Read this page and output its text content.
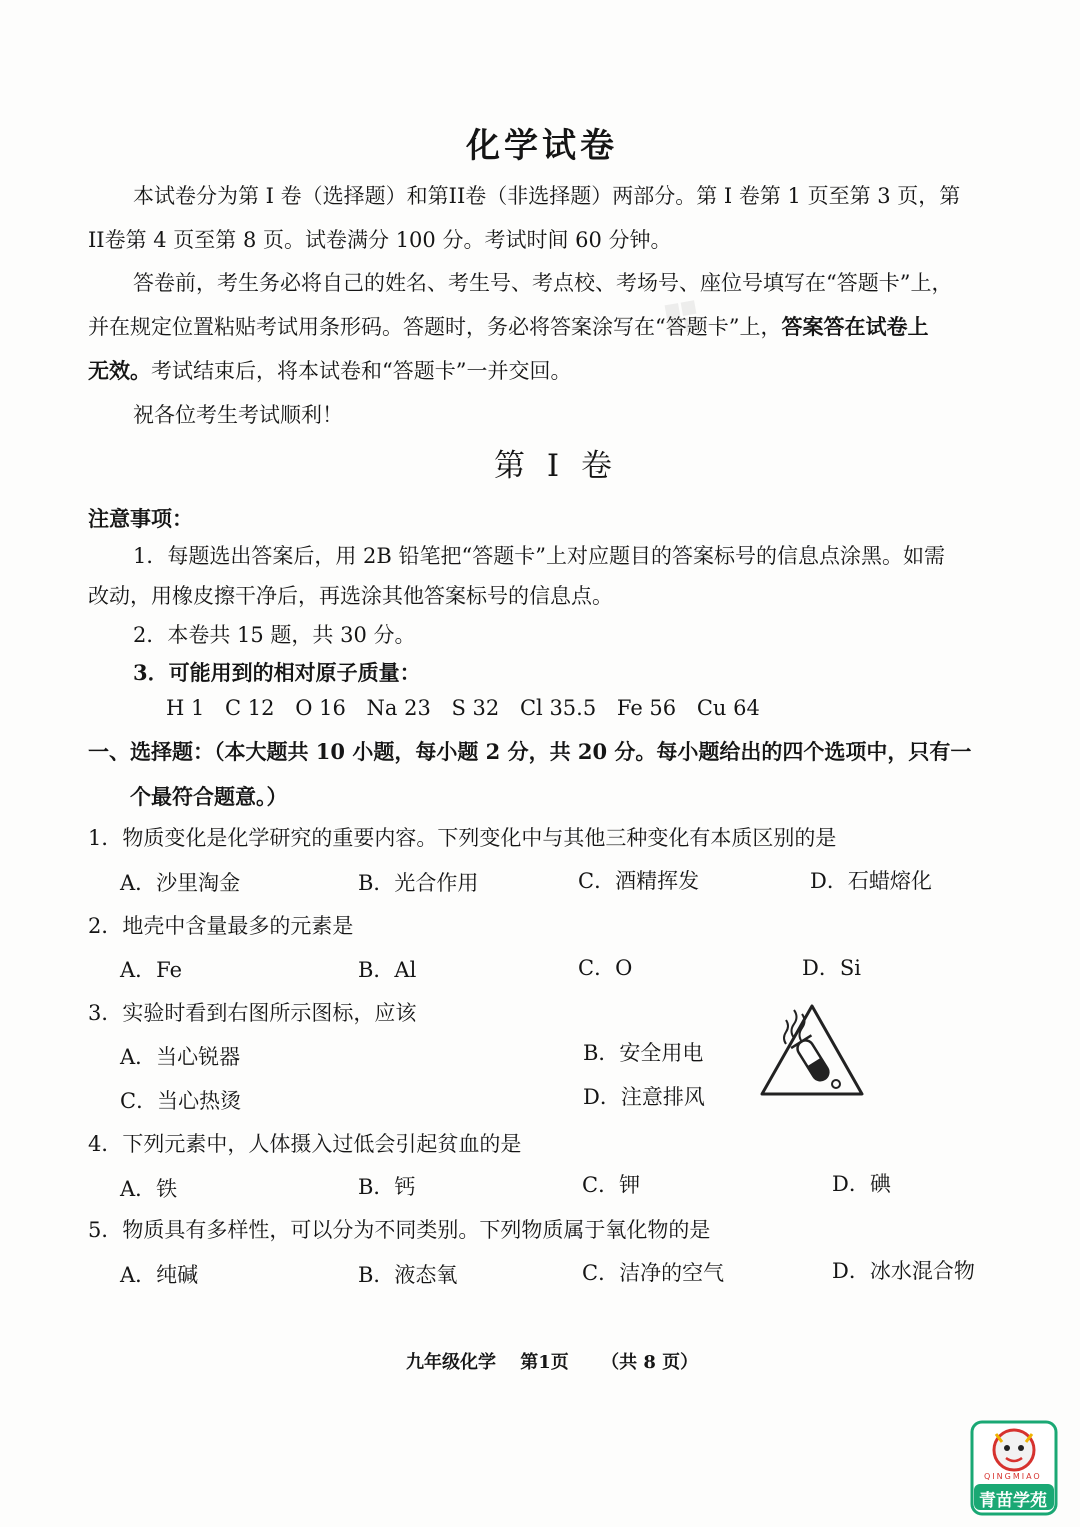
❖
化学试卷
本试卷分为第 I 卷（选择题）和第II卷（非选择题）两部分。第 I 卷第 1 页至第 3 页，第
II卷第 4 页至第 8 页。试卷满分 100 分。考试时间 60 分钟。
答卷前，考生务必将自己的姓名、考生号、考点校、考场号、座位号填写在“答题卡”上，
并在规定位置粘贴考试用条形码。答题时，务必将答案涂写在“答题卡”上，答案答在试卷上
无效。考试结束后，将本试卷和“答题卡”一并交回。
祝各位考生考试顺利！
第 I 卷
注意事项：
1．每题选出答案后，用 2B 铅笔把“答题卡”上对应题目的答案标号的信息点涂黑。如需
改动，用橡皮擦干净后，再选涂其他答案标号的信息点。
2．本卷共 15 题，共 30 分。
3．可能用到的相对原子质量：
H 1 C 12 O 16 Na 23 S 32 Cl 35.5 Fe 56 Cu 64
一、选择题：（本大题共 10 小题，每小题 2 分，共 20 分。每小题给出的四个选项中，只有一
个最符合题意。）
1．物质变化是化学研究的重要内容。下列变化中与其他三种变化有本质区别的是
A．沙里淘金	B．光合作用	C．酒精挥发	D．石蜡熔化
2．地壳中含量最多的元素是
A．Fe	B．Al	C．O	D．Si
3．实验时看到右图所示图标，应该
A．当心锐器	B．安全用电
C．当心热烫	D．注意排风
4．下列元素中，人体摄入过低会引起贫血的是
A．铁	B．钙	C．钾	D．碘
5．物质具有多样性，可以分为不同类别。下列物质属于氧化物的是
A．纯碱	B．液态氧	C．洁净的空气	D．冰水混合物
九年级化学 第1页 （共 8 页）
QINGMIAO
青苗学苑
